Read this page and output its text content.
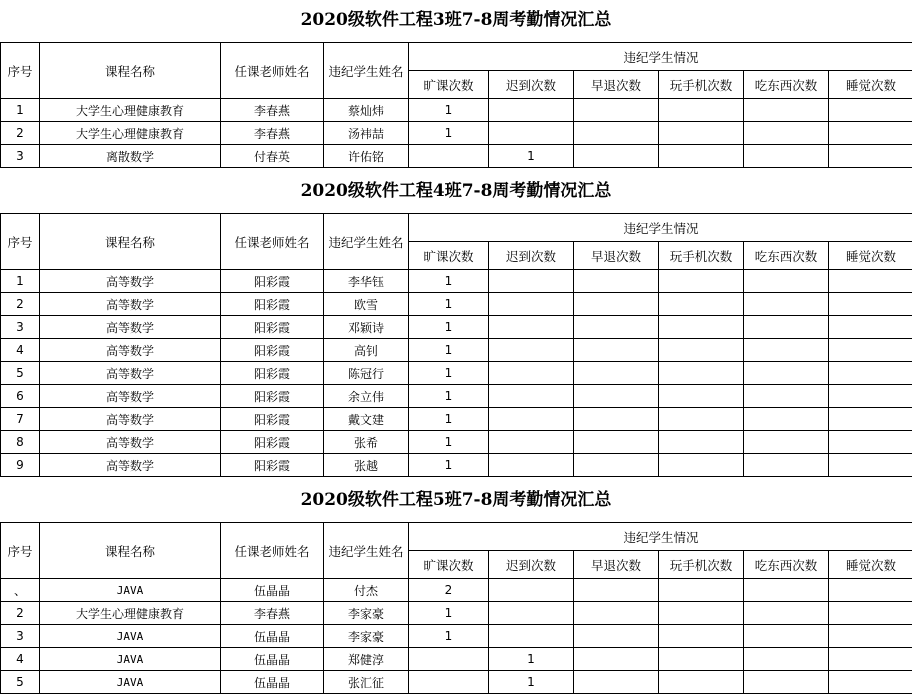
2020级软件工程3班7-8周考勤情况汇总
序号	课程名称	任课老师姓名	违纪学生姓名	违纪学生情况					
				旷课次数	迟到次数	早退次数	玩手机次数	吃东西次数	睡觉次数
1	大学生心理健康教育	李春燕	蔡灿炜	1					
2	大学生心理健康教育	李春燕	汤袆喆	1					
3	离散数学	付春英	许佑铭		1				
2020级软件工程4班7-8周考勤情况汇总
序号	课程名称	任课老师姓名	违纪学生姓名	违纪学生情况					
				旷课次数	迟到次数	早退次数	玩手机次数	吃东西次数	睡觉次数
1	高等数学	阳彩霞	李华钰	1					
2	高等数学	阳彩霞	欧雪	1					
3	高等数学	阳彩霞	邓颖诗	1					
4	高等数学	阳彩霞	高钊	1					
5	高等数学	阳彩霞	陈冠行	1					
6	高等数学	阳彩霞	余立伟	1					
7	高等数学	阳彩霞	戴文建	1					
8	高等数学	阳彩霞	张希	1					
9	高等数学	阳彩霞	张越	1					
2020级软件工程5班7-8周考勤情况汇总
序号	课程名称	任课老师姓名	违纪学生姓名	违纪学生情况					
				旷课次数	迟到次数	早退次数	玩手机次数	吃东西次数	睡觉次数
、	JAVA	伍晶晶	付杰	2					
2	大学生心理健康教育	李春燕	李家豪	1					
3	JAVA	伍晶晶	李家豪	1					
4	JAVA	伍晶晶	郑健淳		1				
5	JAVA	伍晶晶	张汇征		1				
